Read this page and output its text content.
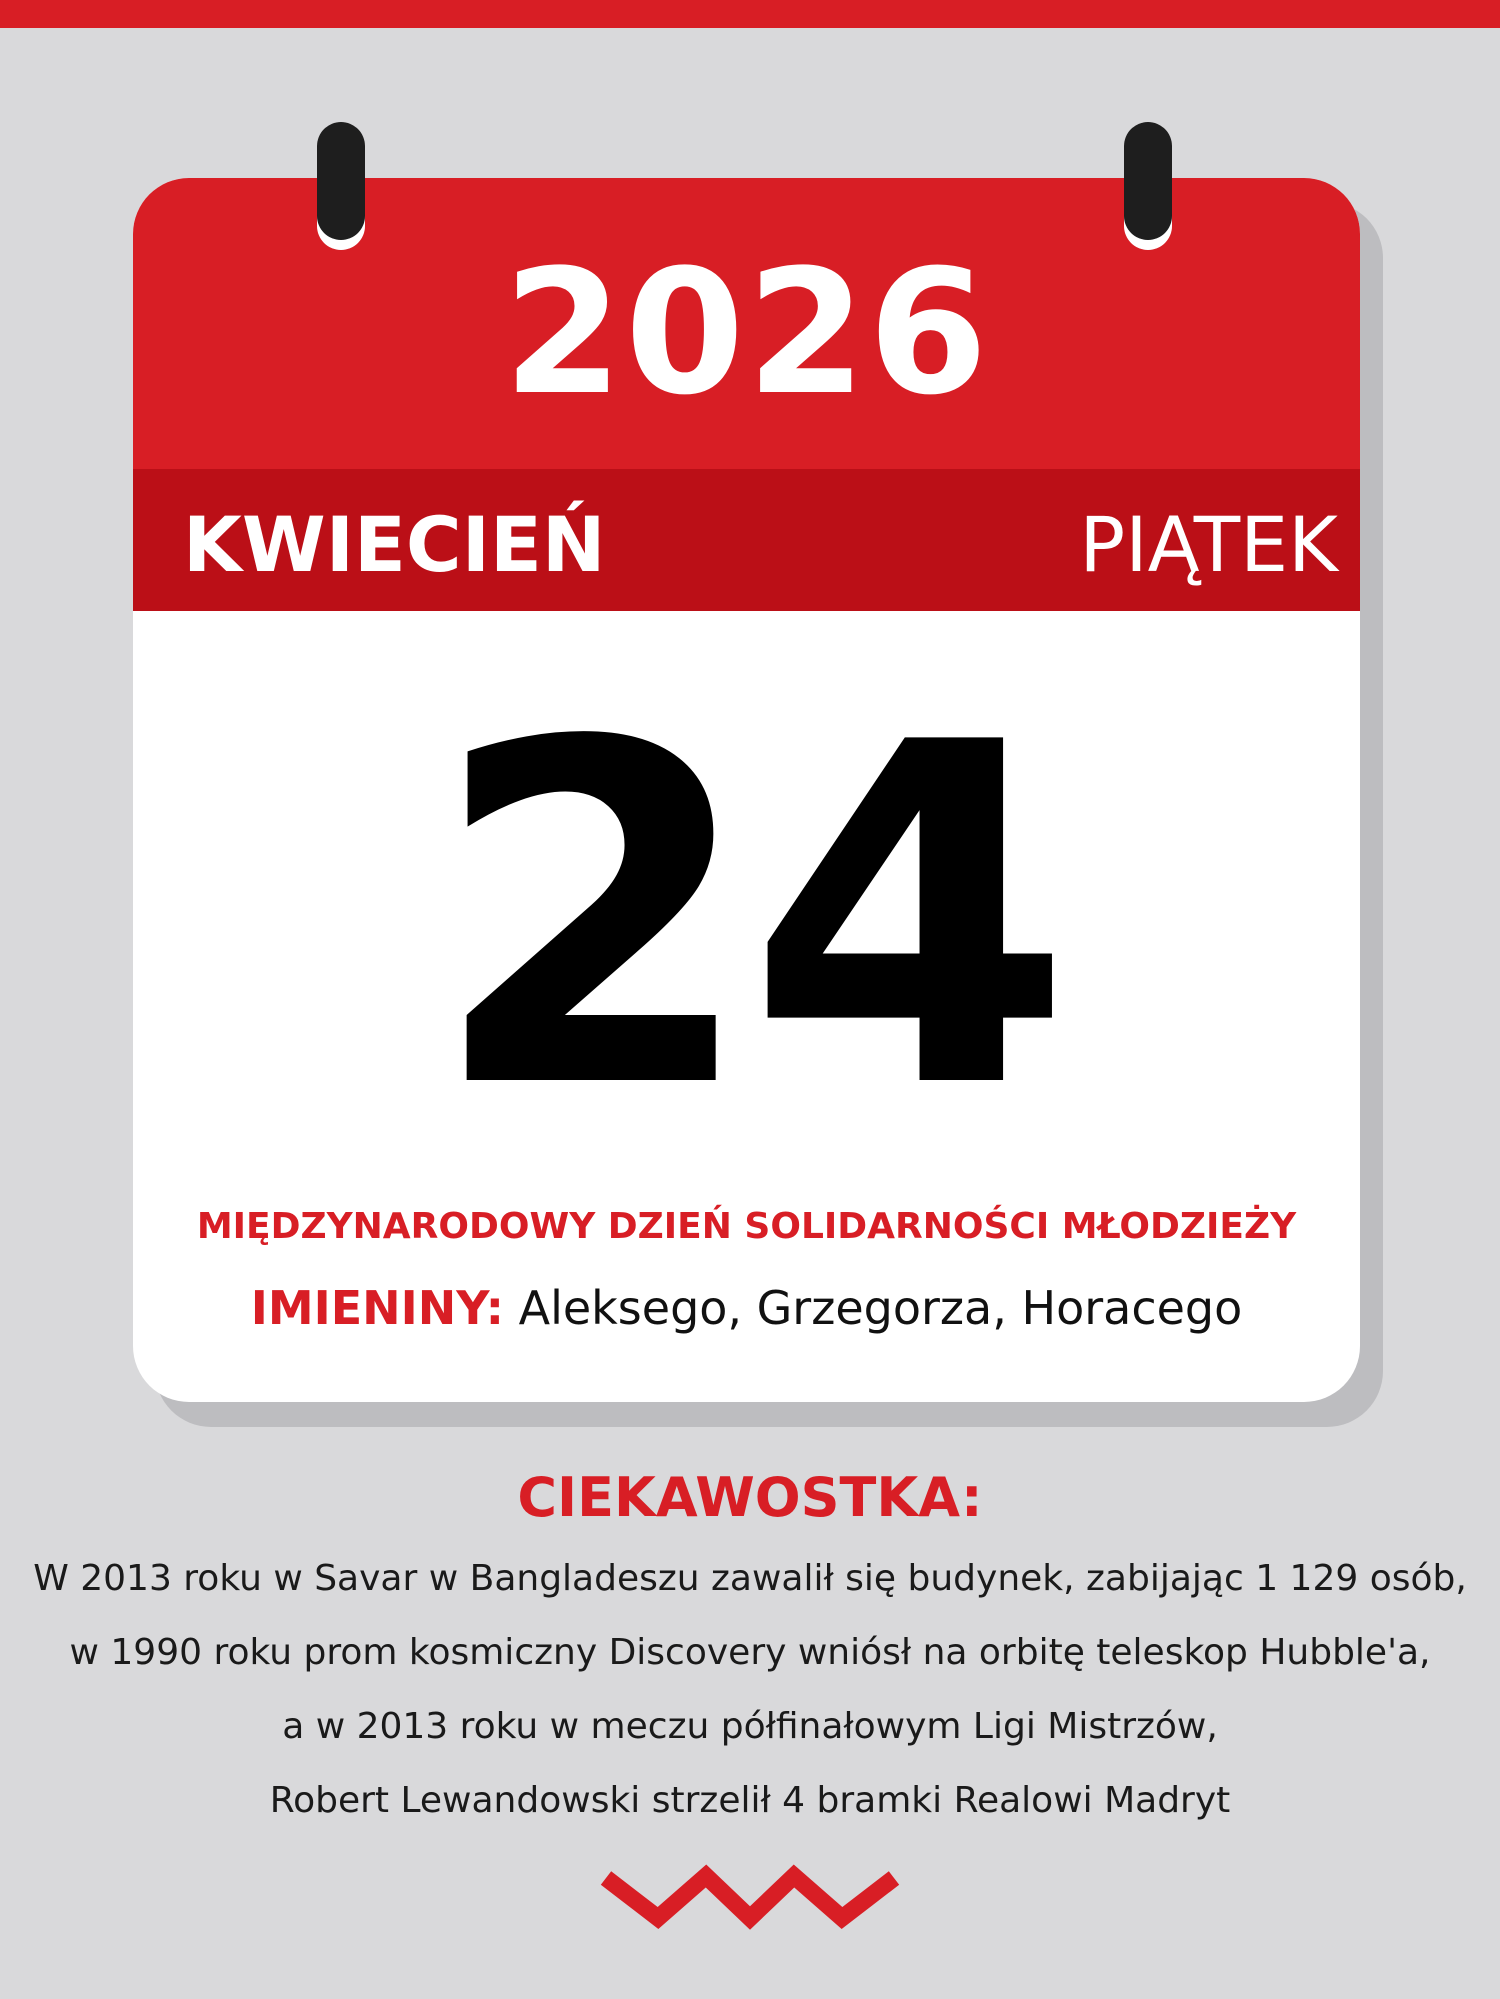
2026
KWIECIEŃ	PIĄTEK
24
MIĘDZYNARODOWY DZIEŃ SOLIDARNOŚCI MŁODZIEŻY
IMIENINY: Aleksego, Grzegorza, Horacego
CIEKAWOSTKA:
W 2013 roku w Savar w Bangladeszu zawalił się budynek, zabijając 1 129 osób,
w 1990 roku prom kosmiczny Discovery wniósł na orbitę teleskop Hubble'a,
a w 2013 roku w meczu półfinałowym Ligi Mistrzów,
Robert Lewandowski strzelił 4 bramki Realowi Madryt
